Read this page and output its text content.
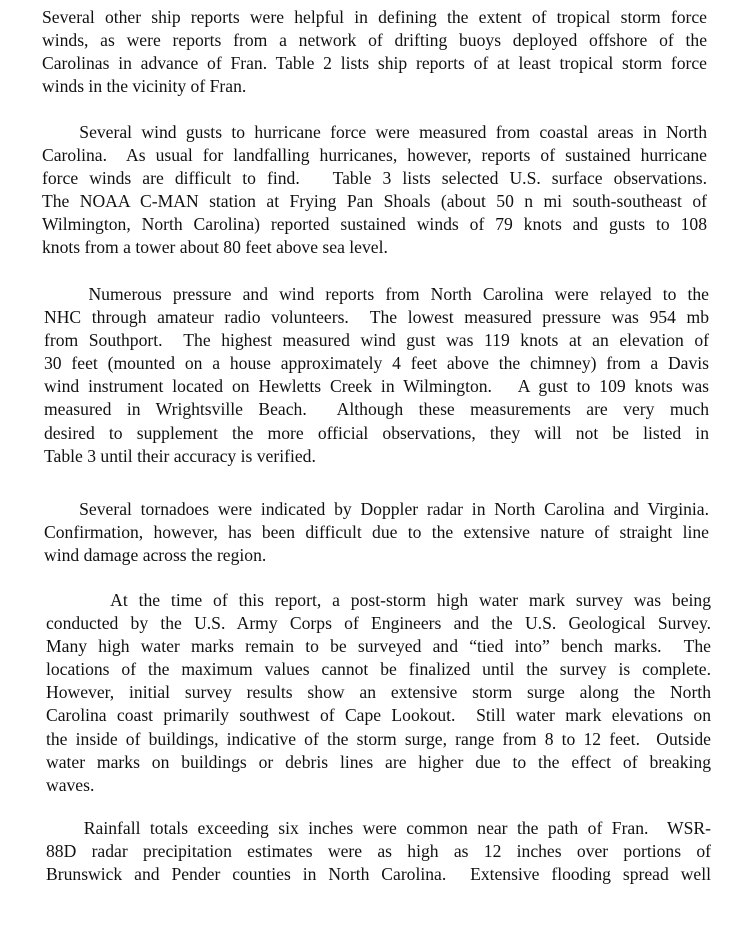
Several other ship reports were helpful in defining the extent of tropical storm force
winds, as were reports from a network of drifting buoys deployed offshore of the
Carolinas in advance of Fran. Table 2 lists ship reports of at least tropical storm force
winds in the vicinity of Fran.
Several wind gusts to hurricane force were measured from coastal areas in North
Carolina.  As usual for landfalling hurricanes, however, reports of sustained hurricane
force winds are difficult to find.   Table 3 lists selected U.S. surface observations.
The NOAA C-MAN station at Frying Pan Shoals (about 50 n mi south-southeast of
Wilmington, North Carolina) reported sustained winds of 79 knots and gusts to 108
knots from a tower about 80 feet above sea level.
Numerous pressure and wind reports from North Carolina were relayed to the
NHC through amateur radio volunteers.  The lowest measured pressure was 954 mb
from Southport.  The highest measured wind gust was 119 knots at an elevation of
30 feet (mounted on a house approximately 4 feet above the chimney) from a Davis
wind instrument located on Hewletts Creek in Wilmington.   A gust to 109 knots was
measured in Wrightsville Beach.  Although these measurements are very much
desired to supplement the more official observations, they will not be listed in
Table 3 until their accuracy is verified.
Several tornadoes were indicated by Doppler radar in North Carolina and Virginia.
Confirmation, however, has been difficult due to the extensive nature of straight line
wind damage across the region.
At the time of this report, a post-storm high water mark survey was being
conducted by the U.S. Army Corps of Engineers and the U.S. Geological Survey.
Many high water marks remain to be surveyed and “tied into” bench marks.  The
locations of the maximum values cannot be finalized until the survey is complete.
However, initial survey results show an extensive storm surge along the North
Carolina coast primarily southwest of Cape Lookout.  Still water mark elevations on
the inside of buildings, indicative of the storm surge, range from 8 to 12 feet.  Outside
water marks on buildings or debris lines are higher due to the effect of breaking
waves.
Rainfall totals exceeding six inches were common near the path of Fran.  WSR-
88D radar precipitation estimates were as high as 12 inches over portions of
Brunswick and Pender counties in North Carolina.  Extensive flooding spread well
